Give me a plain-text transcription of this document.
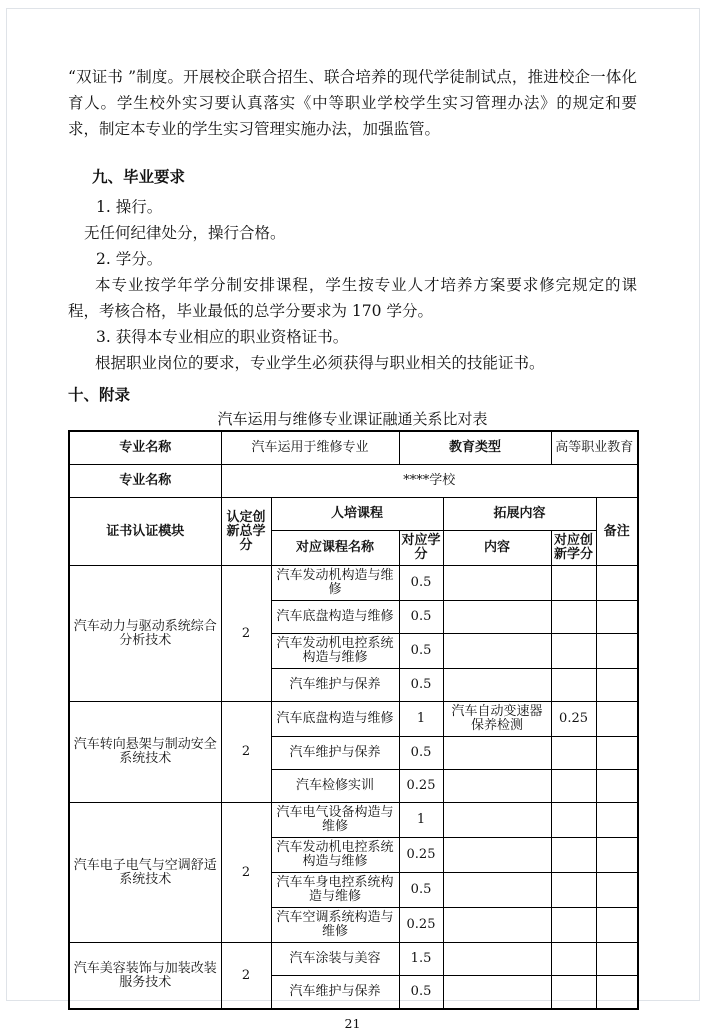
“双证书 ”制度。开展校企联合招生、联合培养的现代学徒制试点，推进校企一体化育人。学生校外实习要认真落实《中等职业学校学生实习管理办法》的规定和要求，制定本专业的学生实习管理实施办法，加强监管。

九、毕业要求

1. 操行。

无任何纪律处分，操行合格。

2. 学分。

本专业按学年学分制安排课程，学生按专业人才培养方案要求修完规定的课程，考核合格，毕业最低的总学分要求为 170 学分。

3. 获得本专业相应的职业资格证书。

根据职业岗位的要求，专业学生必须获得与职业相关的技能证书。

十、附录

汽车运用与维修专业课证融通关系比对表

专业名称	汽车运用于维修专业		教育类型		高等职业教育	
专业名称	****学校					
证书认证模块	认定创新总学分	人培课程		拓展内容		备注
		对应课程名称	对应学分	内容	对应创新学分	
汽车动力与驱动系统综合分析技术	2	汽车发动机构造与维修	0.5			
		汽车底盘构造与维修	0.5			
		汽车发动机电控系统构造与维修	0.5			
		汽车维护与保养	0.5			
汽车转向悬架与制动安全系统技术	2	汽车底盘构造与维修	1	汽车自动变速器保养检测	0.25	
		汽车维护与保养	0.5			
		汽车检修实训	0.25			
汽车电子电气与空调舒适系统技术	2	汽车电气设备构造与维修	1			
		汽车发动机电控系统构造与维修	0.25			
		汽车车身电控系统构造与维修	0.5			
		汽车空调系统构造与维修	0.25			
汽车美容装饰与加装改装服务技术	2	汽车涂装与美容	1.5			
		汽车维护与保养	0.5			
21
